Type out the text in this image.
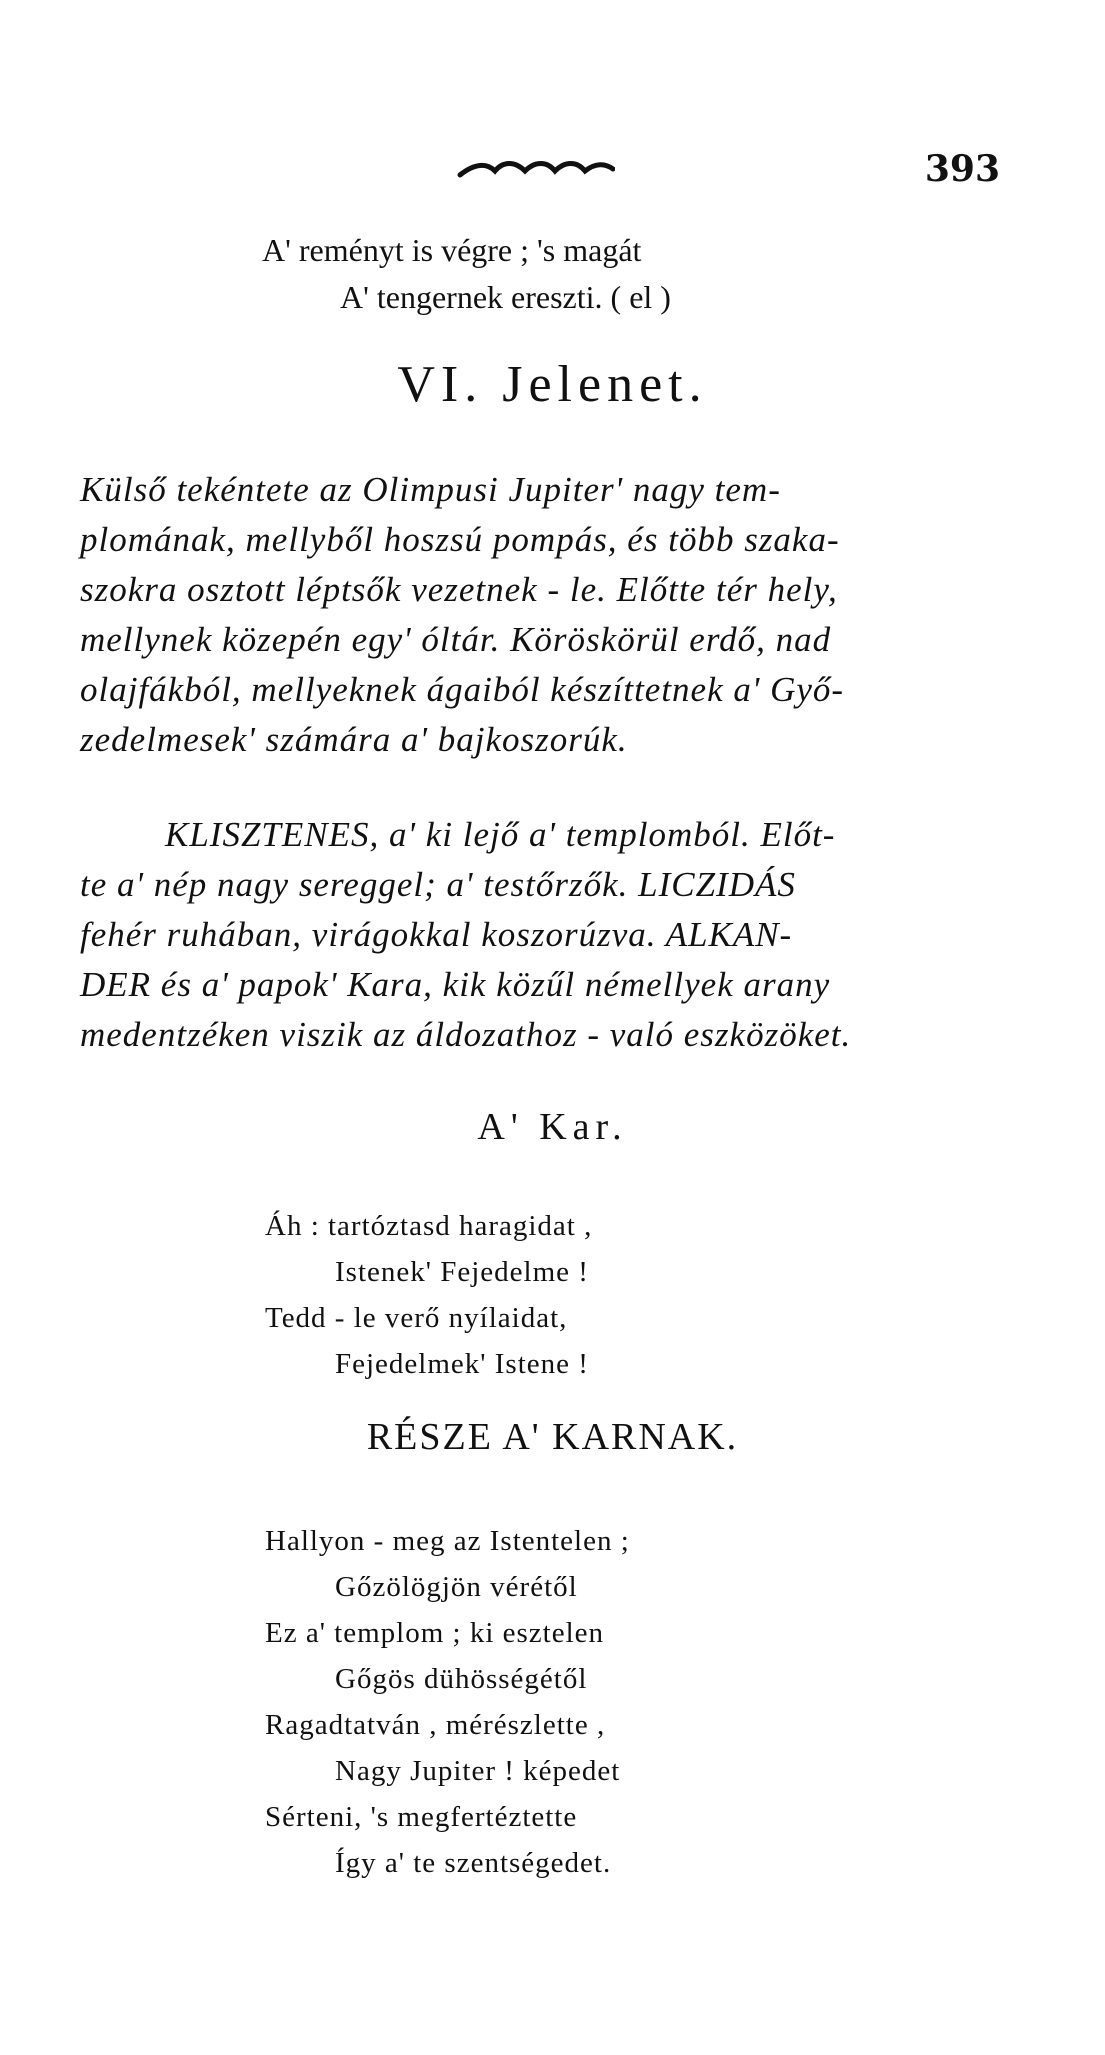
393
A' reményt is végre ; 's magát
A' tengernek ereszti. ( el )
VI. Jelenet.
Külső tekéntete az Olimpusi Jupiter' nagy tem-
plomának, mellyből hoszsú pompás, és több szaka-
szokra osztott léptsők vezetnek - le. Előtte tér hely,
mellynek közepén egy' óltár. Köröskörül erdő, nad
olajfákból, mellyeknek ágaiból készíttetnek a' Győ-
zedelmesek' számára a' bajkoszorúk.
KLISZTENES, a' ki lejő a' templomból. Előt-
te a' nép nagy sereggel; a' testőrzők. LICZIDÁS
fehér ruhában, virágokkal koszorúzva. ALKAN-
DER és a' papok' Kara, kik közűl némellyek arany
medentzéken viszik az áldozathoz - való eszközöket.
A' Kar.
Áh : tartóztasd haragidat ,
Istenek' Fejedelme !
Tedd - le verő nyílaidat,
Fejedelmek' Istene !
RÉSZE A' KARNAK.
Hallyon - meg az Istentelen ;
Gőzölögjön vérétől
Ez a' templom ; ki esztelen
Gőgös dühösségétől
Ragadtatván , mérészlette ,
Nagy Jupiter ! képedet
Sérteni, 's megfertéztette
Így a' te szentségedet.
